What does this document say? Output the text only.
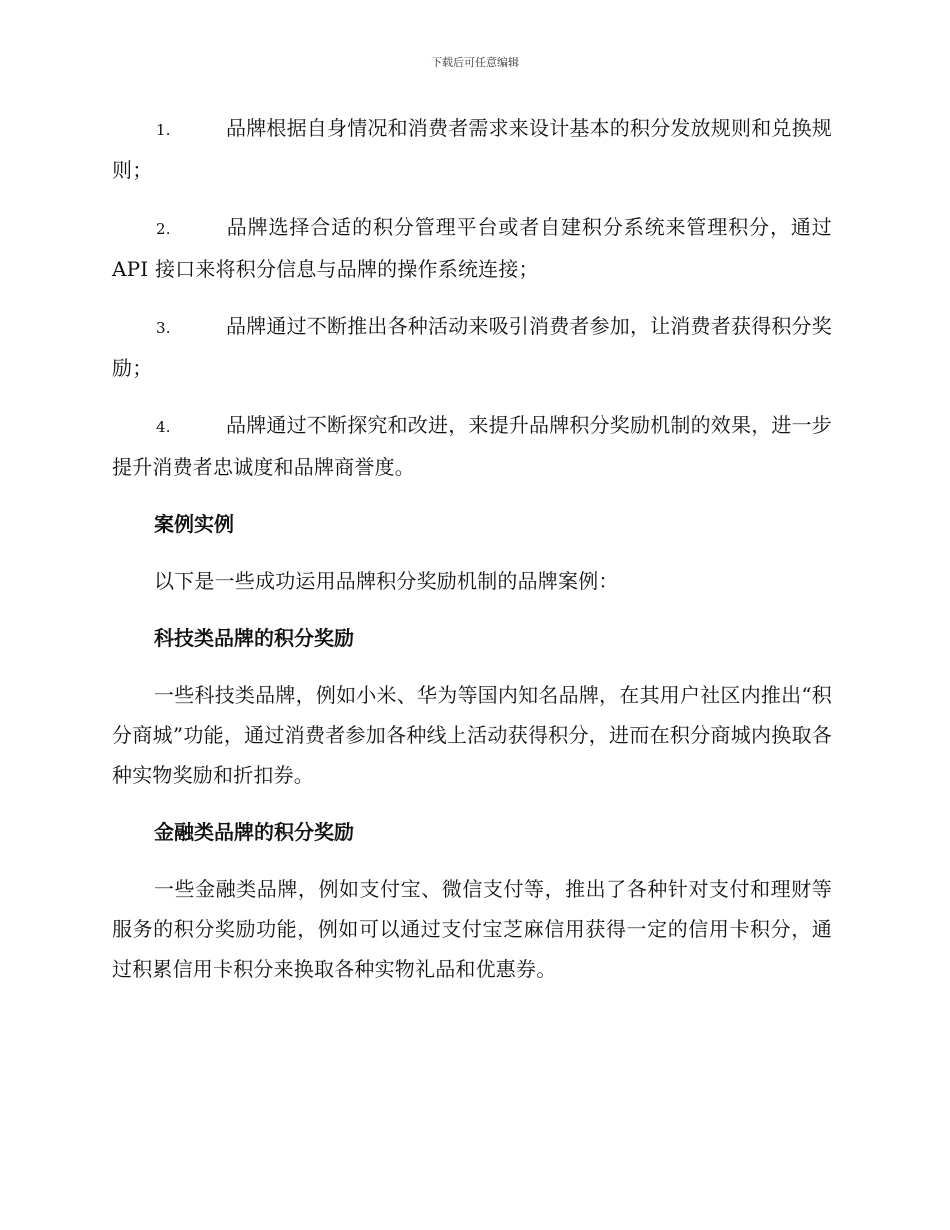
下载后可任意编辑

1.	品牌根据自身情况和消费者需求来设计基本的积分发放规则和兑换规则；

2.	品牌选择合适的积分管理平台或者自建积分系统来管理积分，通过 API 接口来将积分信息与品牌的操作系统连接；

3.	品牌通过不断推出各种活动来吸引消费者参加，让消费者获得积分奖励；

4.	品牌通过不断探究和改进，来提升品牌积分奖励机制的效果，进一步提升消费者忠诚度和品牌商誉度。

案例实例

以下是一些成功运用品牌积分奖励机制的品牌案例：

科技类品牌的积分奖励

一些科技类品牌，例如小米、华为等国内知名品牌，在其用户社区内推出“积分商城”功能，通过消费者参加各种线上活动获得积分，进而在积分商城内换取各种实物奖励和折扣券。

金融类品牌的积分奖励

一些金融类品牌，例如支付宝、微信支付等，推出了各种针对支付和理财等服务的积分奖励功能，例如可以通过支付宝芝麻信用获得一定的信用卡积分，通过积累信用卡积分来换取各种实物礼品和优惠券。
